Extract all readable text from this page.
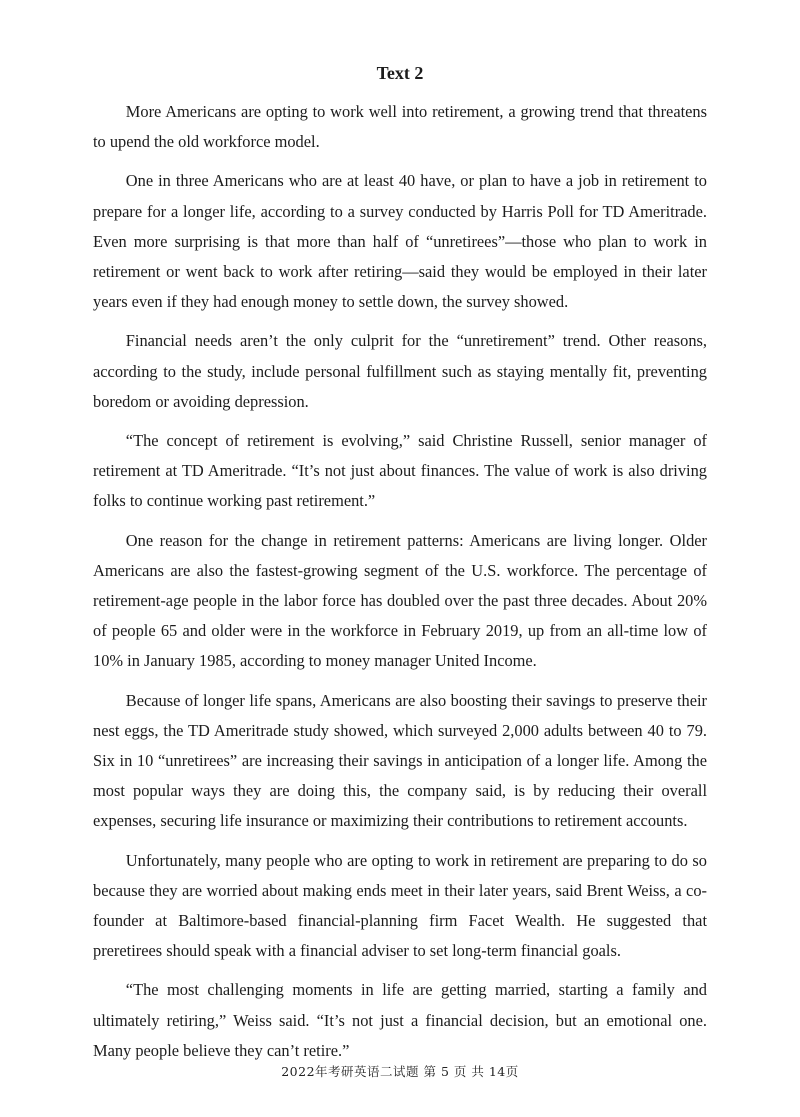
Text 2

More Americans are opting to work well into retirement, a growing trend that threatens to upend the old workforce model.

One in three Americans who are at least 40 have, or plan to have a job in retirement to prepare for a longer life, according to a survey conducted by Harris Poll for TD Ameritrade. Even more surprising is that more than half of “unretirees”—those who plan to work in retirement or went back to work after retiring—said they would be employed in their later years even if they had enough money to settle down, the survey showed.

Financial needs aren’t the only culprit for the “unretirement” trend. Other reasons, according to the study, include personal fulfillment such as staying mentally fit, preventing boredom or avoiding depression.

“The concept of retirement is evolving,” said Christine Russell, senior manager of retirement at TD Ameritrade. “It’s not just about finances. The value of work is also driving folks to continue working past retirement.”

One reason for the change in retirement patterns: Americans are living longer. Older Americans are also the fastest-growing segment of the U.S. workforce. The percentage of retirement-age people in the labor force has doubled over the past three decades. About 20% of people 65 and older were in the workforce in February 2019, up from an all-time low of 10% in January 1985, according to money manager United Income.

Because of longer life spans, Americans are also boosting their savings to preserve their nest eggs, the TD Ameritrade study showed, which surveyed 2,000 adults between 40 to 79. Six in 10 “unretirees” are increasing their savings in anticipation of a longer life. Among the most popular ways they are doing this, the company said, is by reducing their overall expenses, securing life insurance or maximizing their contributions to retirement accounts.

Unfortunately, many people who are opting to work in retirement are preparing to do so because they are worried about making ends meet in their later years, said Brent Weiss, a co-founder at Baltimore-based financial-planning firm Facet Wealth. He suggested that preretirees should speak with a financial adviser to set long-term financial goals.

“The most challenging moments in life are getting married, starting a family and ultimately retiring,” Weiss said. “It’s not just a financial decision, but an emotional one. Many people believe they can’t retire.”

2022年考研英语二试题 第 5 页 共 14页
